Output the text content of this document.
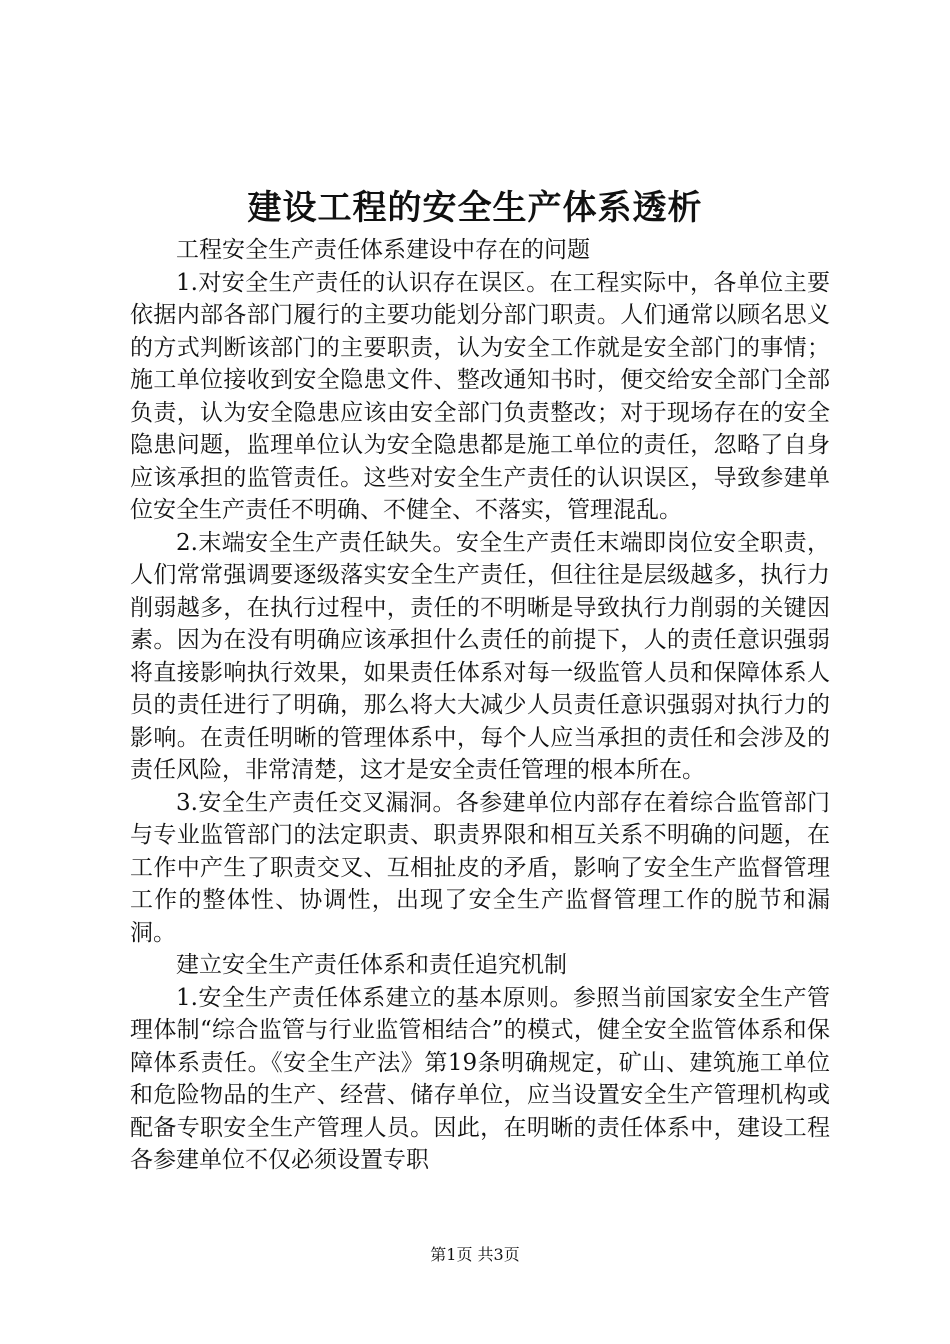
建设工程的安全生产体系透析

工程安全生产责任体系建设中存在的问题

1.对安全生产责任的认识存在误区。在工程实际中，各单位主要依据内部各部门履行的主要功能划分部门职责。人们通常以顾名思义的方式判断该部门的主要职责，认为安全工作就是安全部门的事情；施工单位接收到安全隐患文件、整改通知书时，便交给安全部门全部负责，认为安全隐患应该由安全部门负责整改；对于现场存在的安全隐患问题，监理单位认为安全隐患都是施工单位的责任，忽略了自身应该承担的监管责任。这些对安全生产责任的认识误区，导致参建单位安全生产责任不明确、不健全、不落实，管理混乱。

2.末端安全生产责任缺失。安全生产责任末端即岗位安全职责，人们常常强调要逐级落实安全生产责任，但往往是层级越多，执行力削弱越多，在执行过程中，责任的不明晰是导致执行力削弱的关键因素。因为在没有明确应该承担什么责任的前提下，人的责任意识强弱将直接影响执行效果，如果责任体系对每一级监管人员和保障体系人员的责任进行了明确，那么将大大减少人员责任意识强弱对执行力的影响。在责任明晰的管理体系中，每个人应当承担的责任和会涉及的责任风险，非常清楚，这才是安全责任管理的根本所在。

3.安全生产责任交叉漏洞。各参建单位内部存在着综合监管部门与专业监管部门的法定职责、职责界限和相互关系不明确的问题，在工作中产生了职责交叉、互相扯皮的矛盾，影响了安全生产监督管理工作的整体性、协调性，出现了安全生产监督管理工作的脱节和漏洞。

建立安全生产责任体系和责任追究机制

1.安全生产责任体系建立的基本原则。参照当前国家安全生产管理体制“综合监管与行业监管相结合”的模式，健全安全监管体系和保障体系责任。《安全生产法》第19条明确规定，矿山、建筑施工单位和危险物品的生产、经营、储存单位，应当设置安全生产管理机构或配备专职安全生产管理人员。因此，在明晰的责任体系中，建设工程各参建单位不仅必须设置专职

第1页 共3页
